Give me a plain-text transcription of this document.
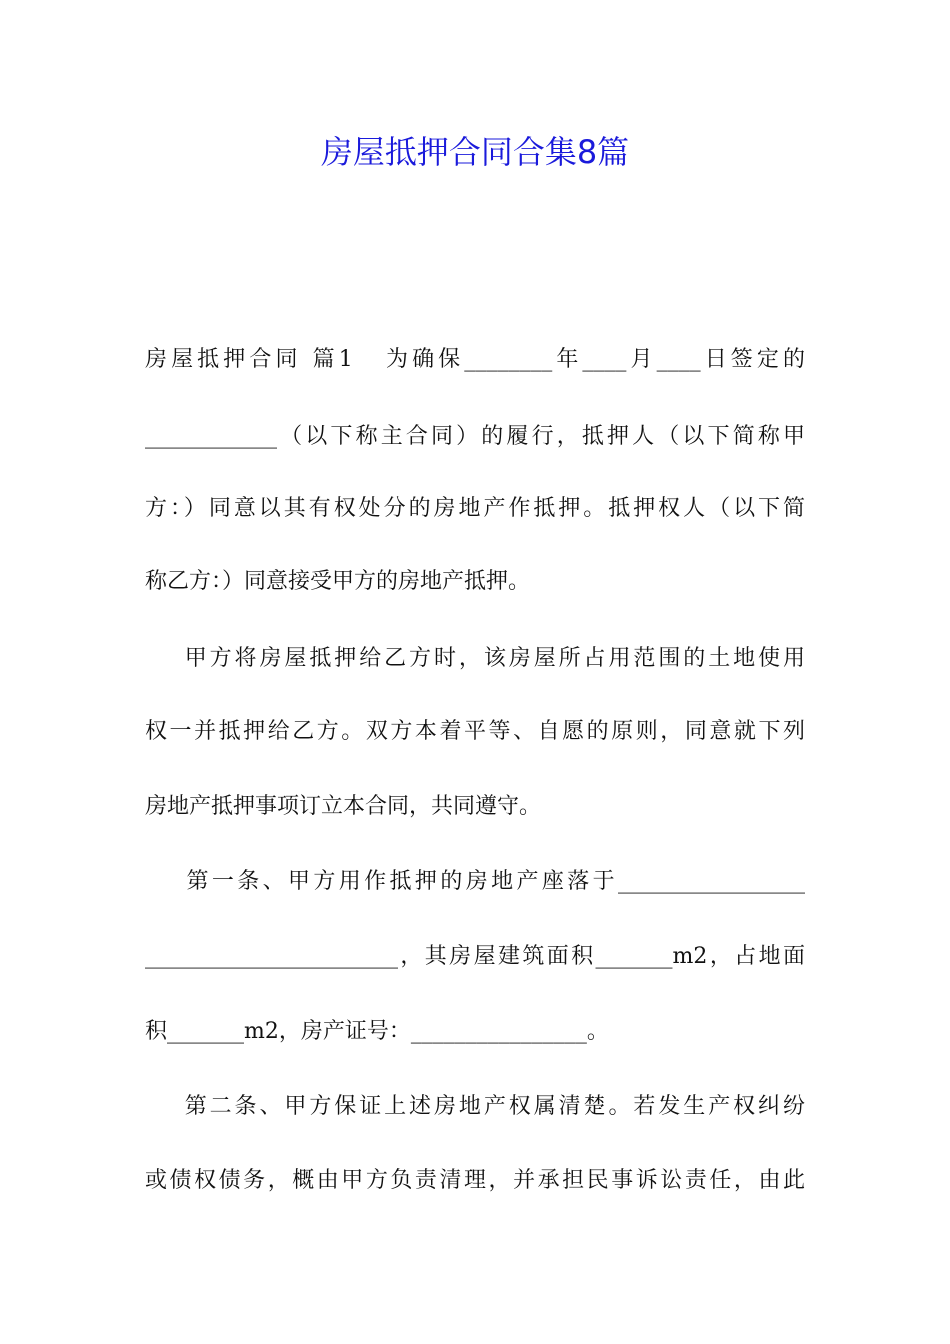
房屋抵押合同合集8篇

房屋抵押合同 篇1   为确保________年____月____日签定的

____________（以下称主合同）的履行，抵押人（以下简称甲

方：）同意以其有权处分的房地产作抵押。抵押权人（以下简

称乙方：）同意接受甲方的房地产抵押。

甲方将房屋抵押给乙方时，该房屋所占用范围的土地使用

权一并抵押给乙方。双方本着平等、自愿的原则，同意就下列

房地产抵押事项订立本合同，共同遵守。

第一条、甲方用作抵押的房地产座落于_________________

_______________________，其房屋建筑面积_______m2，占地面

积_______m2，房产证号：________________。

第二条、甲方保证上述房地产权属清楚。若发生产权纠纷

或债权债务，概由甲方负责清理，并承担民事诉讼责任，由此
